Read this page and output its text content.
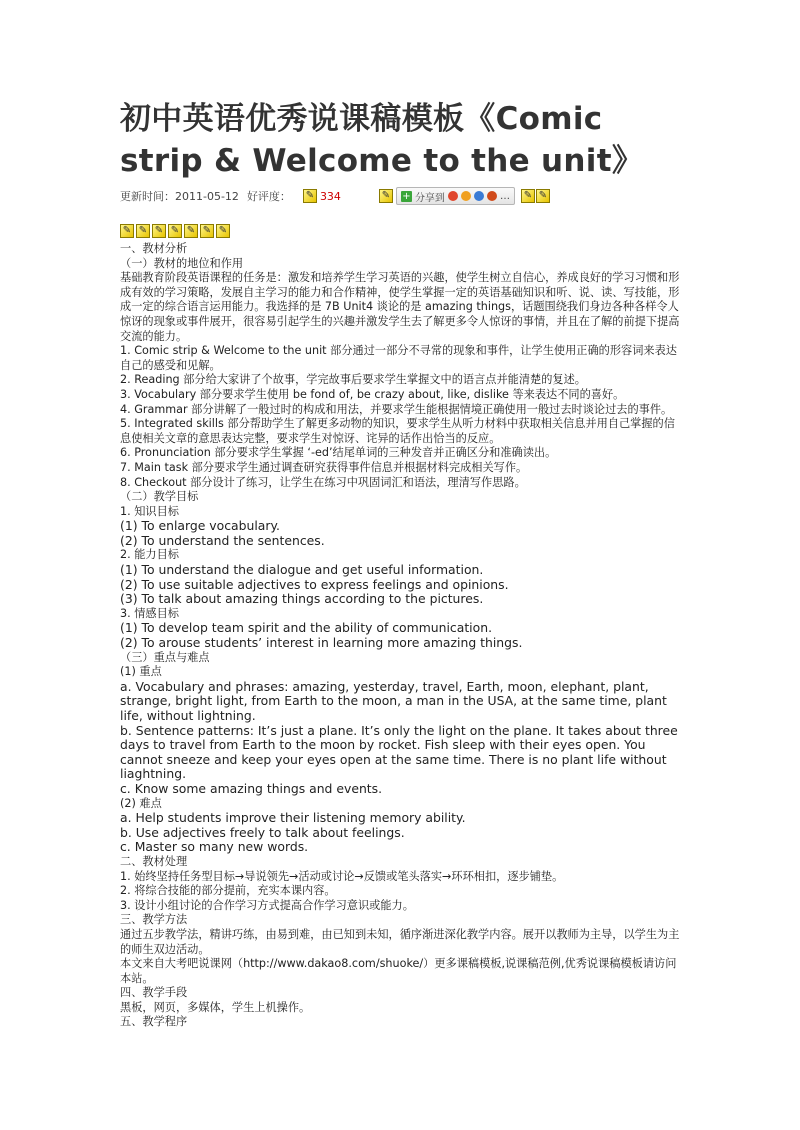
初中英语优秀说课稿模板《Comic strip & Welcome to the unit》
更新时间： 2011-05-12 好评度： ✎ 334	✎ + 分享到	… ✎ ✎
✎ ✎ ✎ ✎ ✎ ✎ ✎
一、教材分析
（一）教材的地位和作用
基础教育阶段英语课程的任务是：激发和培养学生学习英语的兴趣，使学生树立自信心，养成良好的学习习惯和形成有效的学习策略，发展自主学习的能力和合作精神，使学生掌握一定的英语基础知识和听、说、读、写技能，形成一定的综合语言运用能力。我选择的是 7B Unit4 谈论的是 amazing things，话题围绕我们身边各种各样令人惊讶的现象或事件展开，很容易引起学生的兴趣并激发学生去了解更多令人惊讶的事情，并且在了解的前提下提高交流的能力。
1. Comic strip & Welcome to the unit 部分通过一部分不寻常的现象和事件，让学生使用正确的形容词来表达自己的感受和见解。
2. Reading 部分给大家讲了个故事，学完故事后要求学生掌握文中的语言点并能清楚的复述。
3. Vocabulary 部分要求学生使用 be fond of, be crazy about, like, dislike 等来表达不同的喜好。
4. Grammar 部分讲解了一般过时的构成和用法，并要求学生能根据情境正确使用一般过去时谈论过去的事件。
5. Integrated skills 部分帮助学生了解更多动物的知识，要求学生从听力材料中获取相关信息并用自己掌握的信息使相关文章的意思表达完整，要求学生对惊讶、诧异的话作出恰当的反应。
6. Pronunciation 部分要求学生掌握 ‘-ed’结尾单词的三种发音并正确区分和准确读出。
7. Main task 部分要求学生通过调查研究获得事件信息并根据材料完成相关写作。
8. Checkout 部分设计了练习，让学生在练习中巩固词汇和语法，理清写作思路。
（二）教学目标
1. 知识目标
(1) To enlarge vocabulary.
(2) To understand the sentences.
2. 能力目标
(1) To understand the dialogue and get useful information.
(2) To use suitable adjectives to express feelings and opinions.
(3) To talk about amazing things according to the pictures.
3. 情感目标
(1) To develop team spirit and the ability of communication.
(2) To arouse students’ interest in learning more amazing things.
（三）重点与难点
(1) 重点
a. Vocabulary and phrases: amazing, yesterday, travel, Earth, moon, elephant, plant, strange, bright light, from Earth to the moon, a man in the USA, at the same time, plant life, without lightning.
b. Sentence patterns: It’s just a plane. It’s only the light on the plane. It takes about three days to travel from Earth to the moon by rocket. Fish sleep with their eyes open. You cannot sneeze and keep your eyes open at the same time. There is no plant life without liaghtning.
c. Know some amazing things and events.
(2) 难点
a. Help students improve their listening memory ability.
b. Use adjectives freely to talk about feelings.
c. Master so many new words.
二、教材处理
1. 始终坚持任务型目标→导说领先→活动或讨论→反馈或笔头落实→环环相扣，逐步铺垫。
2. 将综合技能的部分提前，充实本课内容。
3. 设计小组讨论的合作学习方式提高合作学习意识或能力。
三、教学方法
通过五步教学法，精讲巧练，由易到难，由已知到未知，循序渐进深化教学内容。展开以教师为主导，以学生为主的师生双边活动。
本文来自大考吧说课网（http://www.dakao8.com/shuoke/）更多课稿模板,说课稿范例,优秀说课稿模板请访问本站。
四、教学手段
黑板，网页，多媒体，学生上机操作。
五、教学程序
